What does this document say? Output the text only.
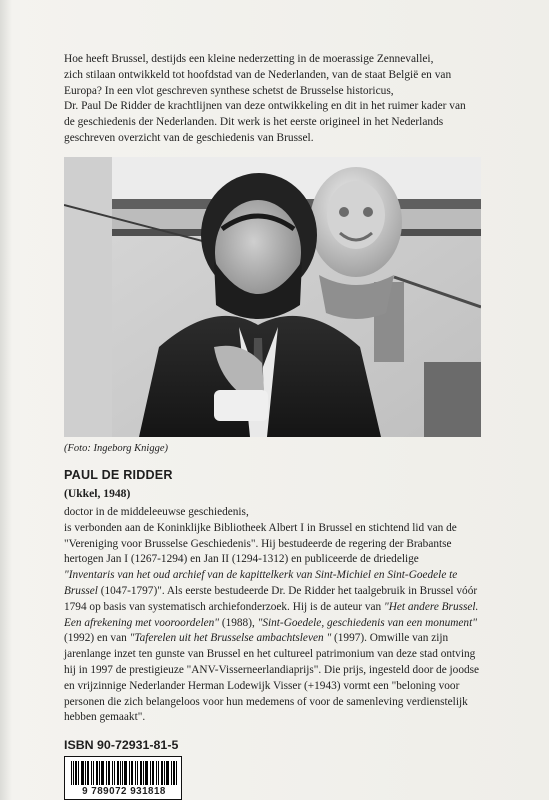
Hoe heeft Brussel, destijds een kleine nederzetting in de moerassige Zennevallei,
zich stilaan ontwikkeld tot hoofdstad van de Nederlanden, van de staat België en van
Europa? In een vlot geschreven synthese schetst de Brusselse historicus,
Dr. Paul De Ridder de krachtlijnen van deze ontwikkeling en dit in het ruimer kader van
de geschiedenis der Nederlanden. Dit werk is het eerste origineel in het Nederlands
geschreven overzicht van de geschiedenis van Brussel.

(Foto: Ingeborg Knigge)

PAUL DE RIDDER

(Ukkel, 1948)

doctor in de middeleeuwse geschiedenis,
is verbonden aan de Koninklijke Bibliotheek Albert I in Brussel en stichtend lid van de
"Vereniging voor Brusselse Geschiedenis". Hij bestudeerde de regering der Brabantse
hertogen Jan I (1267-1294) en Jan II (1294-1312) en publiceerde de driedelige
"Inventaris van het oud archief van de kapittelkerk van Sint-Michiel en Sint-Goedele te
Brussel (1047-1797)". Als eerste bestudeerde Dr. De Ridder het taalgebruik in Brussel vóór
1794 op basis van systematisch archiefonderzoek. Hij is de auteur van "Het andere Brussel.
Een afrekening met vooroordelen" (1988), "Sint-Goedele, geschiedenis van een monument"
(1992) en van "Taferelen uit het Brusselse ambachtsleven " (1997). Omwille van zijn
jarenlange inzet ten gunste van Brussel en het cultureel patrimonium van deze stad ontving
hij in 1997 de prestigieuze "ANV-Visserneerlandiaprijs". Die prijs, ingesteld door de joodse
en vrijzinnige Nederlander Herman Lodewijk Visser (+1943) vormt een "beloning voor
personen die zich belangeloos voor hun medemens of voor de samenleving verdienstelijk
hebben gemaakt".

ISBN 90-72931-81-5

9 789072 931818
